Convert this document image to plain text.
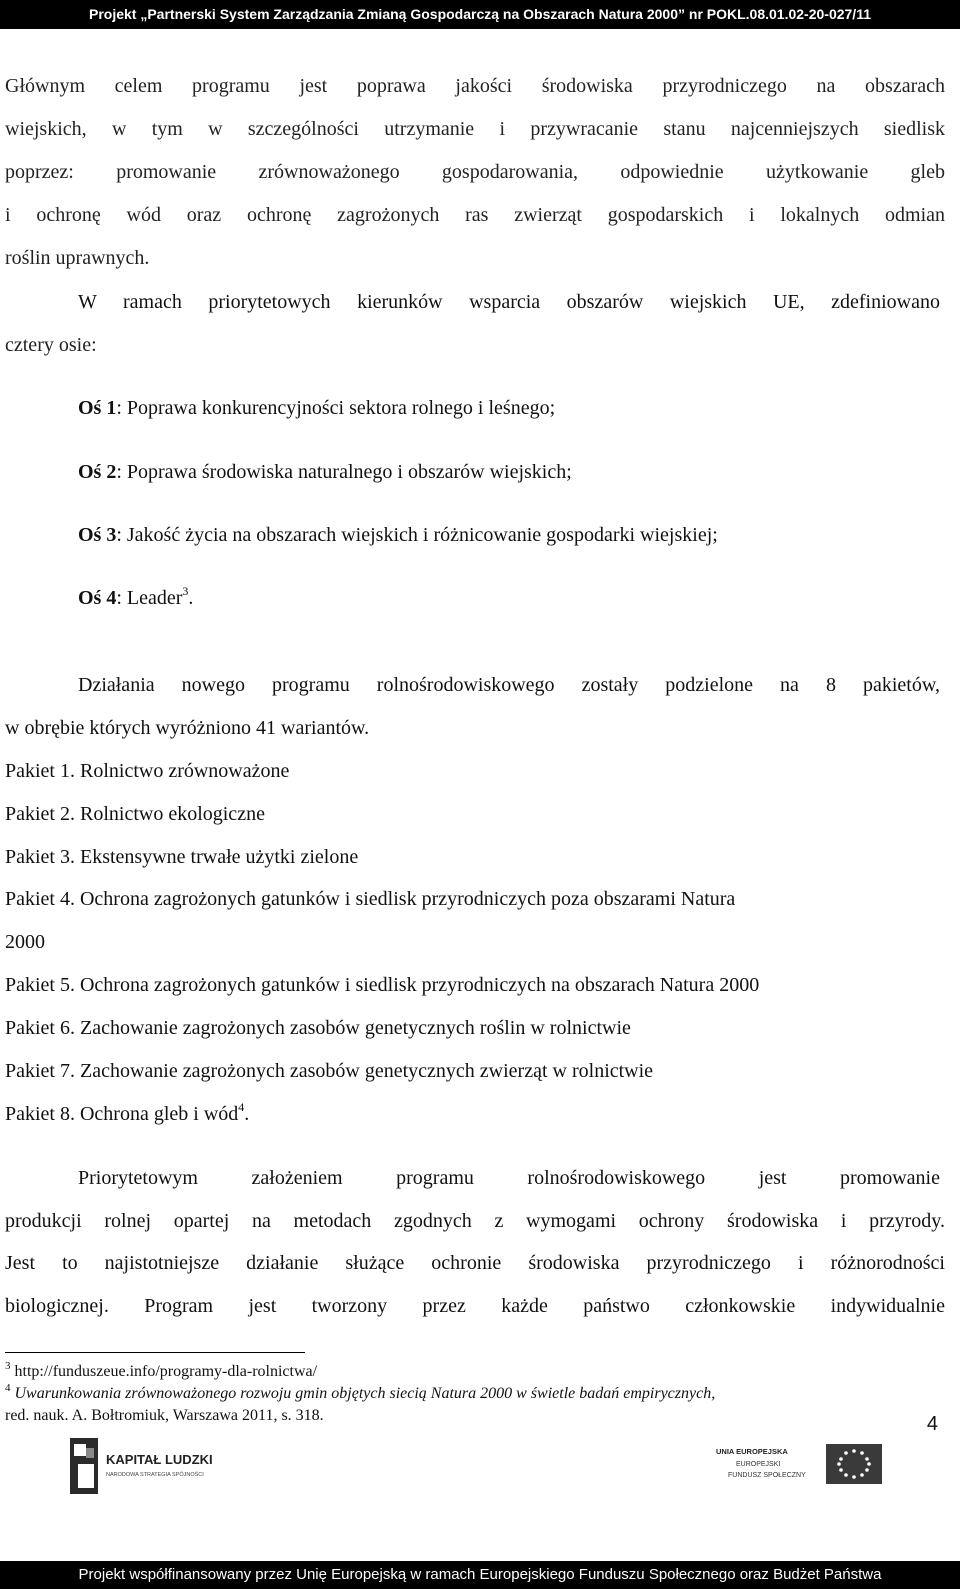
Projekt „Partnerski System Zarządzania Zmianą Gospodarczą na Obszarach Natura 2000” nr POKL.08.01.02-20-027/11
Głównym celem programu jest poprawa jakości środowiska przyrodniczego na obszarach
wiejskich, w tym w szczególności utrzymanie i przywracanie stanu najcenniejszych siedlisk
poprzez: promowanie zrównoważonego gospodarowania, odpowiednie użytkowanie gleb
i ochronę wód oraz ochronę zagrożonych ras zwierząt gospodarskich i lokalnych odmian
roślin uprawnych.
W ramach priorytetowych kierunków wsparcia obszarów wiejskich UE, zdefiniowano
cztery osie:
Oś 1: Poprawa konkurencyjności sektora rolnego i leśnego;
Oś 2: Poprawa środowiska naturalnego i obszarów wiejskich;
Oś 3: Jakość życia na obszarach wiejskich i różnicowanie gospodarki wiejskiej;
Oś 4: Leader$^3$.
Działania nowego programu rolnośrodowiskowego zostały podzielone na 8 pakietów,
w obrębie których wyróżniono 41 wariantów.
Pakiet 1. Rolnictwo zrównoważone
Pakiet 2. Rolnictwo ekologiczne
Pakiet 3. Ekstensywne trwałe użytki zielone
Pakiet 4. Ochrona zagrożonych gatunków i siedlisk przyrodniczych poza obszarami Natura
2000
Pakiet 5. Ochrona zagrożonych gatunków i siedlisk przyrodniczych na obszarach Natura 2000
Pakiet 6. Zachowanie zagrożonych zasobów genetycznych roślin w rolnictwie
Pakiet 7. Zachowanie zagrożonych zasobów genetycznych zwierząt w rolnictwie
Pakiet 8. Ochrona gleb i wód$^4$.
Priorytetowym założeniem programu rolnośrodowiskowego jest promowanie
produkcji rolnej opartej na metodach zgodnych z wymogami ochrony środowiska i przyrody.
Jest to najistotniejsze działanie służące ochronie środowiska przyrodniczego i różnorodności
biologicznej. Program jest tworzony przez każde państwo członkowskie indywidualnie
$^3$ http://funduszeue.info/programy-dla-rolnictwa/
$^4$ Uwarunkowania zrównoważonego rozwoju gmin objętych siecią Natura 2000 w świetle badań empirycznych,
red. nauk. A. Bołtromiuk, Warszawa 2011, s. 318.	4
KAPITAŁ LUDZKI
NARODOWA STRATEGIA SPÓJNOŚCI
UNIA EUROPEJSKA
EUROPEJSKI
FUNDUSZ SPOŁECZNY
Projekt współfinansowany przez Unię Europejską w ramach Europejskiego Funduszu Społecznego oraz Budżet Państwa
